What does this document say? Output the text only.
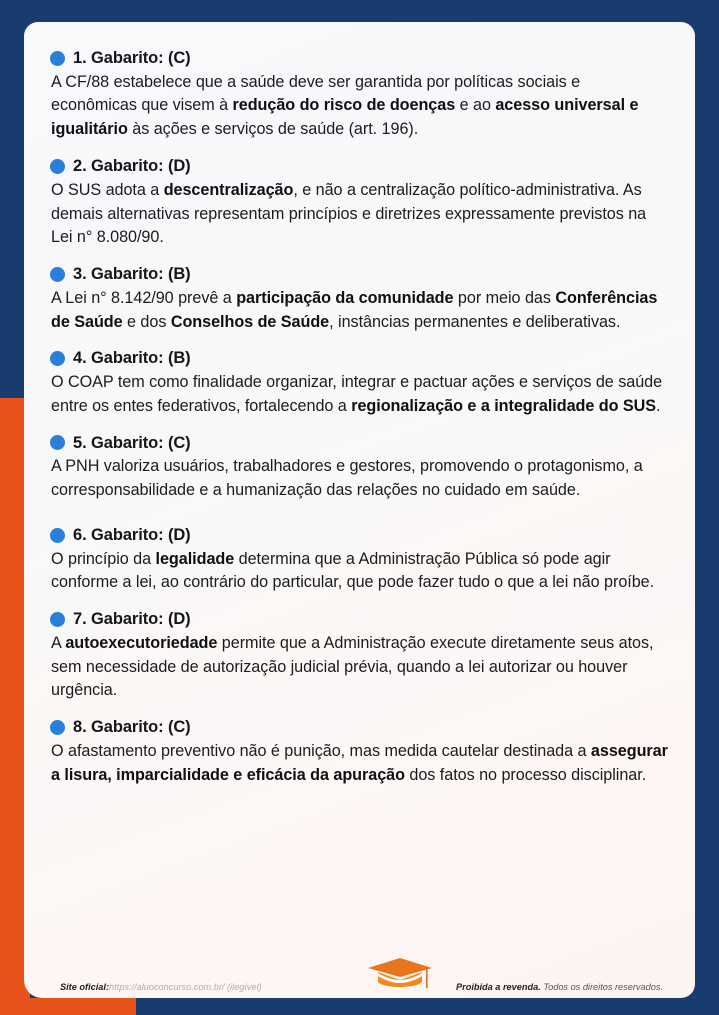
1. Gabarito: (C)

A CF/88 estabelece que a saúde deve ser garantida por políticas sociais e econômicas que visem à redução do risco de doenças e ao acesso universal e igualitário às ações e serviços de saúde (art. 196).

2. Gabarito: (D)

O SUS adota a descentralização, e não a centralização político-administrativa. As demais alternativas representam princípios e diretrizes expressamente previstos na Lei n° 8.080/90.

3. Gabarito: (B)

A Lei n° 8.142/90 prevê a participação da comunidade por meio das Conferências de Saúde e dos Conselhos de Saúde, instâncias permanentes e deliberativas.

4. Gabarito: (B)

O COAP tem como finalidade organizar, integrar e pactuar ações e serviços de saúde entre os entes federativos, fortalecendo a regionalização e a integralidade do SUS.

5. Gabarito: (C)

A PNH valoriza usuários, trabalhadores e gestores, promovendo o protagonismo, a corresponsabilidade e a humanização das relações no cuidado em saúde.

6. Gabarito: (D)

O princípio da legalidade determina que a Administração Pública só pode agir conforme a lei, ao contrário do particular, que pode fazer tudo o que a lei não proíbe.

7. Gabarito: (D)

A autoexecutoriedade permite que a Administração execute diretamente seus atos, sem necessidade de autorização judicial prévia, quando a lei autorizar ou houver urgência.

8. Gabarito: (C)

O afastamento preventivo não é punição, mas medida cautelar destinada a assegurar a lisura, imparcialidade e eficácia da apuração dos fatos no processo disciplinar.

Site oficial:https://aluoconcurso.com.br/ (ilegível)	Proibida a revenda. Todos os direitos reservados.
